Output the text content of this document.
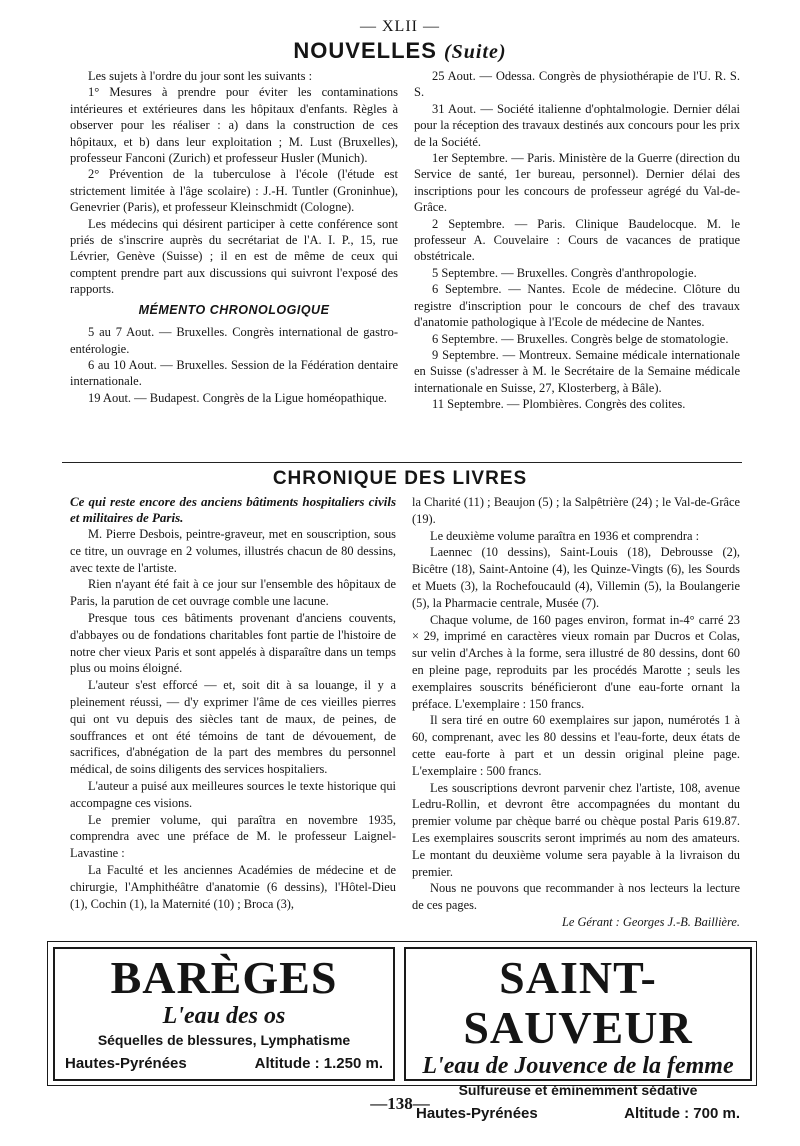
— XLII —
NOUVELLES (Suite)

Les sujets à l'ordre du jour sont les suivants :

1° Mesures à prendre pour éviter les contaminations intérieures et extérieures dans les hôpitaux d'enfants. Règles à observer pour les réaliser : a) dans la construction de ces hôpitaux, et b) dans leur exploitation ; M. Lust (Bruxelles), professeur Fanconi (Zurich) et professeur Husler (Munich).

2° Prévention de la tuberculose à l'école (l'étude est strictement limitée à l'âge scolaire) : J.-H. Tuntler (Groninhue), Genevrier (Paris), et professeur Kleinschmidt (Cologne).

Les médecins qui désirent participer à cette conférence sont priés de s'inscrire auprès du secrétariat de l'A. I. P., 15, rue Lévrier, Genève (Suisse) ; il en est de même de ceux qui comptent prendre part aux discussions qui suivront l'exposé des rapports.

MÉMENTO CHRONOLOGIQUE

5 au 7 Aout. — Bruxelles. Congrès international de gastro-entérologie.

6 au 10 Aout. — Bruxelles. Session de la Fédération dentaire internationale.

19 Aout. — Budapest. Congrès de la Ligue homéopathique.

25 Aout. — Odessa. Congrès de physiothérapie de l'U. R. S. S.

31 Aout. — Société italienne d'ophtalmologie. Dernier délai pour la réception des travaux destinés aux concours pour les prix de la Société.

1er Septembre. — Paris. Ministère de la Guerre (direction du Service de santé, 1er bureau, personnel). Dernier délai des inscriptions pour les concours de professeur agrégé du Val-de-Grâce.

2 Septembre. — Paris. Clinique Baudelocque. M. le professeur A. Couvelaire : Cours de vacances de pratique obstétricale.

5 Septembre. — Bruxelles. Congrès d'anthropologie.

6 Septembre. — Nantes. Ecole de médecine. Clôture du registre d'inscription pour le concours de chef des travaux d'anatomie pathologique à l'Ecole de médecine de Nantes.

6 Septembre. — Bruxelles. Congrès belge de stomatologie.

9 Septembre. — Montreux. Semaine médicale internationale en Suisse (s'adresser à M. le Secrétaire de la Semaine médicale internationale en Suisse, 27, Klosterberg, à Bâle).

11 Septembre. — Plombières. Congrès des colites.

CHRONIQUE DES LIVRES

Ce qui reste encore des anciens bâtiments hospitaliers civils et militaires de Paris.

M. Pierre Desbois, peintre-graveur, met en souscription, sous ce titre, un ouvrage en 2 volumes, illustrés chacun de 80 dessins, avec texte de l'artiste.

Rien n'ayant été fait à ce jour sur l'ensemble des hôpitaux de Paris, la parution de cet ouvrage comble une lacune.

Presque tous ces bâtiments provenant d'anciens couvents, d'abbayes ou de fondations charitables font partie de l'histoire de notre cher vieux Paris et sont appelés à disparaître dans un temps plus ou moins éloigné.

L'auteur s'est efforcé — et, soit dit à sa louange, il y a pleinement réussi, — d'y exprimer l'âme de ces vieilles pierres qui ont vu depuis des siècles tant de maux, de peines, de souffrances et ont été témoins de tant de dévouement, de sacrifices, d'abnégation de la part des membres du personnel médical, de soins diligents des services hospitaliers.

L'auteur a puisé aux meilleures sources le texte historique qui accompagne ces visions.

Le premier volume, qui paraîtra en novembre 1935, comprendra avec une préface de M. le professeur Laignel-Lavastine :

La Faculté et les anciennes Académies de médecine et de chirurgie, l'Amphithéâtre d'anatomie (6 dessins), l'Hôtel-Dieu (1), Cochin (1), la Maternité (10) ; Broca (3),

la Charité (11) ; Beaujon (5) ; la Salpêtrière (24) ; le Val-de-Grâce (19).

Le deuxième volume paraîtra en 1936 et comprendra :

Laennec (10 dessins), Saint-Louis (18), Debrousse (2), Bicêtre (18), Saint-Antoine (4), les Quinze-Vingts (6), les Sourds et Muets (3), la Rochefoucauld (4), Villemin (5), la Boulangerie (5), la Pharmacie centrale, Musée (7).

Chaque volume, de 160 pages environ, format in-4° carré 23 × 29, imprimé en caractères vieux romain par Ducros et Colas, sur velin d'Arches à la forme, sera illustré de 80 dessins, dont 60 en pleine page, reproduits par les procédés Marotte ; seuls les exemplaires souscrits bénéficieront d'une eau-forte ornant la préface. L'exemplaire : 150 francs.

Il sera tiré en outre 60 exemplaires sur japon, numérotés 1 à 60, comprenant, avec les 80 dessins et l'eau-forte, deux états de cette eau-forte à part et un dessin original pleine page. L'exemplaire : 500 francs.

Les souscriptions devront parvenir chez l'artiste, 108, avenue Ledru-Rollin, et devront être accompagnées du montant du premier volume par chèque barré ou chèque postal Paris 619.87. Les exemplaires souscrits seront imprimés au nom des amateurs. Le montant du deuxième volume sera payable à la livraison du premier.

Nous ne pouvons que recommander à nos lecteurs la lecture de ces pages.

Le Gérant : Georges J.-B. Baillière.

BARÈGES
L'eau des os
Séquelles de blessures, Lymphatisme
Hautes-Pyrénées	Altitude : 1.250 m.
SAINT-SAUVEUR
L'eau de Jouvence de la femme
Sulfureuse et éminemment sédative
Hautes-Pyrénées	Altitude : 700 m.
—138—
